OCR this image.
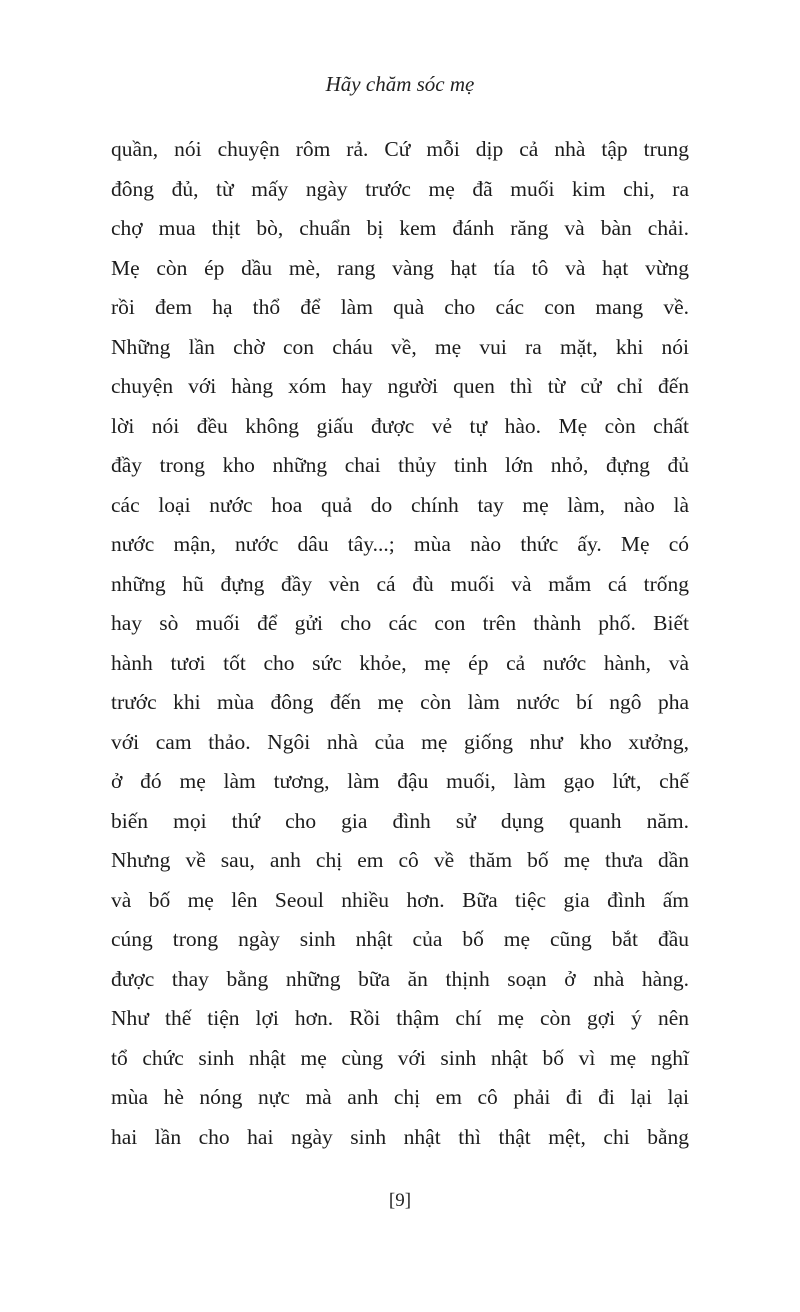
Hãy chăm sóc mẹ
quần, nói chuyện rôm rả. Cứ mỗi dịp cả nhà tập trung
đông đủ, từ mấy ngày trước mẹ đã muối kim chi, ra
chợ mua thịt bò, chuẩn bị kem đánh răng và bàn chải.
Mẹ còn ép dầu mè, rang vàng hạt tía tô và hạt vừng
rồi đem hạ thổ để làm quà cho các con mang về.
Những lần chờ con cháu về, mẹ vui ra mặt, khi nói
chuyện với hàng xóm hay người quen thì từ cử chỉ đến
lời nói đều không giấu được vẻ tự hào. Mẹ còn chất
đầy trong kho những chai thủy tinh lớn nhỏ, đựng đủ
các loại nước hoa quả do chính tay mẹ làm, nào là
nước mận, nước dâu tây...; mùa nào thức ấy. Mẹ có
những hũ đựng đầy vèn cá đù muối và mắm cá trống
hay sò muối để gửi cho các con trên thành phố. Biết
hành tươi tốt cho sức khỏe, mẹ ép cả nước hành, và
trước khi mùa đông đến mẹ còn làm nước bí ngô pha
với cam thảo. Ngôi nhà của mẹ giống như kho xưởng,
ở đó mẹ làm tương, làm đậu muối, làm gạo lứt, chế
biến mọi thứ cho gia đình sử dụng quanh năm.
Nhưng về sau, anh chị em cô về thăm bố mẹ thưa dần
và bố mẹ lên Seoul nhiều hơn. Bữa tiệc gia đình ấm
cúng trong ngày sinh nhật của bố mẹ cũng bắt đầu
được thay bằng những bữa ăn thịnh soạn ở nhà hàng.
Như thế tiện lợi hơn. Rồi thậm chí mẹ còn gợi ý nên
tổ chức sinh nhật mẹ cùng với sinh nhật bố vì mẹ nghĩ
mùa hè nóng nực mà anh chị em cô phải đi đi lại lại
hai lần cho hai ngày sinh nhật thì thật mệt, chi bằng
[9]
